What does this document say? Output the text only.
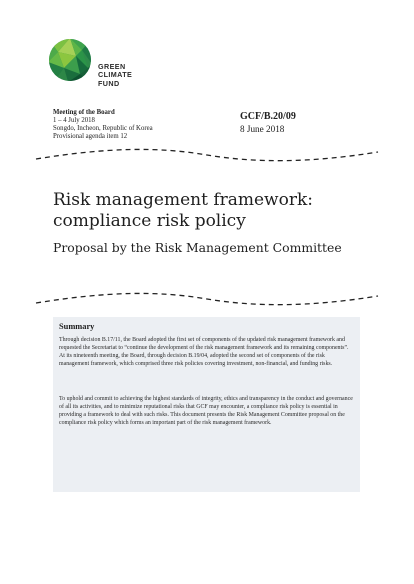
GREEN
CLIMATE
FUND
Meeting of the Board
1 – 4 July 2018
Songdo, Incheon, Republic of Korea
Provisional agenda item 12
GCF/B.20/09
8 June 2018
Risk management framework: compliance risk policy
Proposal by the Risk Management Committee
Summary
Through decision B.17/11, the Board adopted the first set of components of the updated risk management framework and requested the Secretariat to “continue the development of the risk management framework and its remaining components”. At its nineteenth meeting, the Board, through decision B.19/04, adopted the second set of components of the risk management framework, which comprised three risk policies covering investment, non-financial, and funding risks.
To uphold and commit to achieving the highest standards of integrity, ethics and transparency in the conduct and governance of all its activities, and to minimize reputational risks that GCF may encounter, a compliance risk policy is essential in providing a framework to deal with such risks. This document presents the Risk Management Committee proposal on the compliance risk policy which forms an important part of the risk management framework.
